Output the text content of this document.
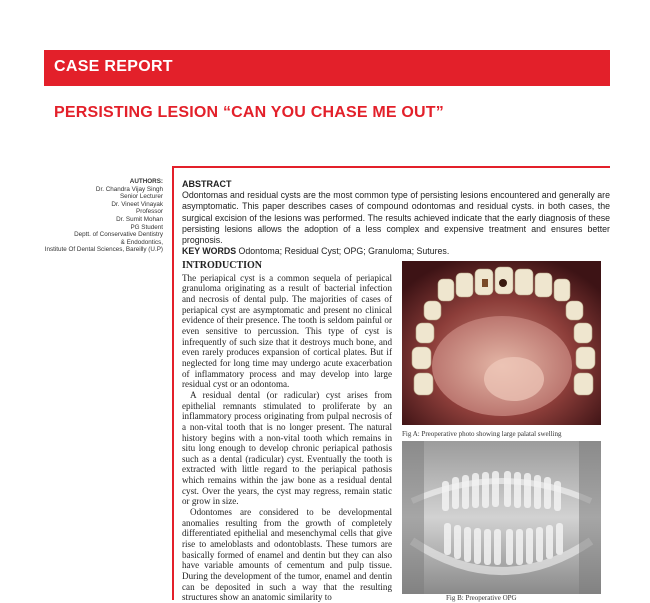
CASE REPORT
PERSISTING LESION “CAN YOU CHASE ME OUT”
AUTHORS:
Dr. Chandra Vijay Singh
Senior Lecturer
Dr. Vineet Vinayak
Professor
Dr. Sumit Mohan
PG Student
Deptt. of Conservative Dentistry
& Endodontics,
Institute Of Dental Sciences, Bareilly (U.P)
ABSTRACT
Odontomas and residual cysts are the most common type of persisting lesions encountered and generally are asymptomatic. This paper describes cases of compound odontomas and residual cysts. in both cases, the surgical excision of the lesions was performed. The results achieved indicate that the early diagnosis of these persisting lesions allows the adoption of a less complex and expensive treatment and ensures better prognosis.
KEY WORDS Odontoma; Residual Cyst; OPG; Granuloma; Sutures.
INTRODUCTION

The periapical cyst is a common sequela of periapical granuloma originating as a result of bacterial infection and necrosis of dental pulp. The majorities of cases of periapical cyst are asymptomatic and present no clinical evidence of their presence. The tooth is seldom painful or even sensitive to percussion. This type of cyst is infrequently of such size that it destroys much bone, and even rarely produces expansion of cortical plates. But if neglected for long time may undergo acute exacerbation of inflammatory process and may develop into large residual cyst or an odontoma.

A residual dental (or radicular) cyst arises from epithelial remnants stimulated to proliferate by an inflammatory process originating from pulpal necrosis of a non-vital tooth that is no longer present. The natural history begins with a non-vital tooth which remains in situ long enough to develop chronic periapical pathosis such as a dental (radicular) cyst. Eventually the tooth is extracted with little regard to the periapical pathosis which remains within the jaw bone as a residual dental cyst. Over the years, the cyst may regress, remain static or grow in size.

Odontomes are considered to be developmental anomalies resulting from the growth of completely differentiated epithelial and mesenchymal cells that give rise to ameloblasts and odontoblasts. These tumors are basically formed of enamel and dentin but they can also have variable amounts of cementum and pulp tissue. During the development of the tumor, enamel and dentin can be deposited in such a way that the resulting structures show an anatomic similarity to

Fig A: Preoperative photo showing large palatal swelling
Fig B: Preoperative OPG
